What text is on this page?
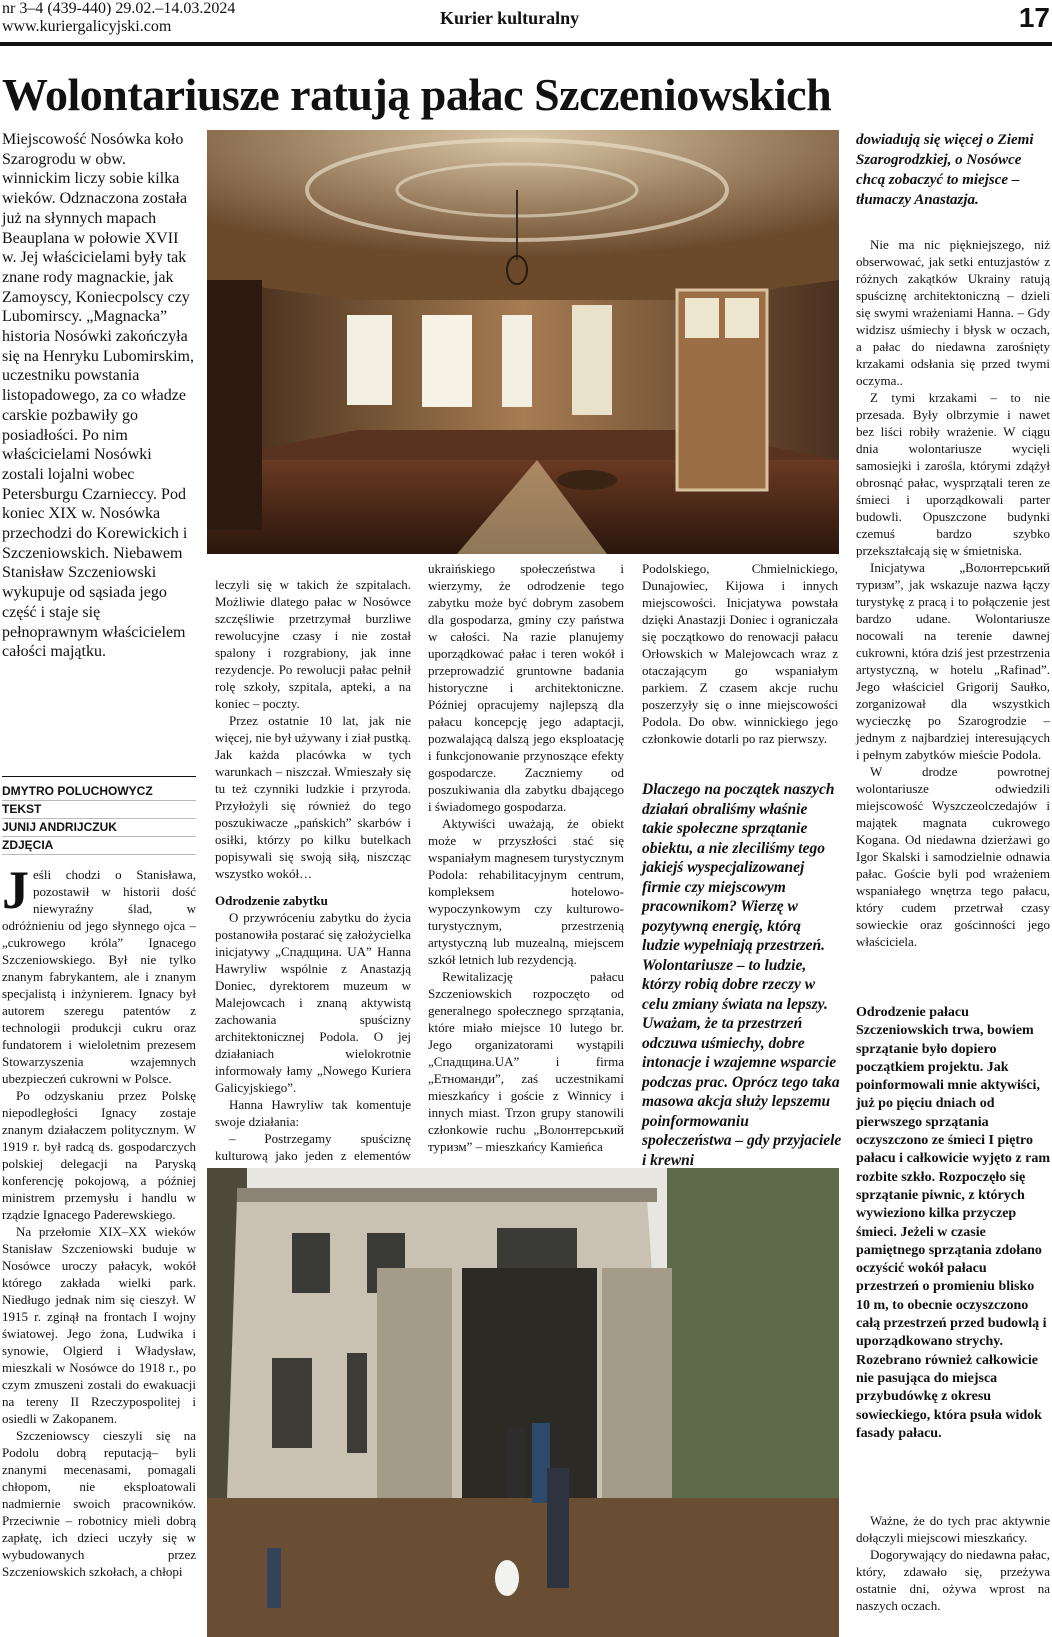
nr 3–4 (439-440) 29.02.–14.03.2024
www.kuriergalicyjski.com	Kurier kulturalny	17
Wolontariusze ratują pałac Szczeniowskich
Miejscowość Nosówka koło Szarogrodu w obw. winnickim liczy sobie kilka wieków. Odznaczona została już na słynnych mapach Beauplana w połowie XVII w. Jej właścicielami były tak znane rody magnackie, jak Zamoyscy, Koniecpolscy czy Lubomirscy. „Magnacka” historia Nosówki zakończyła się na Henryku Lubomirskim, uczestniku powstania listopadowego, za co władze carskie pozbawiły go posiadłości. Po nim właścicielami Nosówki zostali lojalni wobec Petersburgu Czarnieccy. Pod koniec XIX w. Nosówka przechodzi do Korewickich i Szczeniowskich. Niebawem Stanisław Szczeniowski wykupuje od sąsiada jego część i staje się pełnoprawnym właścicielem całości majątku.
DMYTRO POLUCHOWYCZ
TEKST
JUNIJ ANDRIJCZUK
ZDJĘCIA

Jeśli chodzi o Stanisława, pozostawił w historii dość niewyraźny ślad, w odróżnieniu od jego słynnego ojca – „cukrowego króla” Ignacego Szczeniowskiego. Był nie tylko znanym fabrykantem, ale i znanym specjalistą i inżynierem. Ignacy był autorem szeregu patentów z technologii produkcji cukru oraz fundatorem i wieloletnim prezesem Stowarzyszenia wzajemnych ubezpieczeń cukrowni w Polsce.

Po odzyskaniu przez Polskę niepodległości Ignacy zostaje znanym działaczem politycznym. W 1919 r. był radcą ds. gospodarczych polskiej delegacji na Paryską konferencję pokojową, a później ministrem przemysłu i handlu w rządzie Ignacego Paderewskiego.

Na przełomie XIX–XX wieków Stanisław Szczeniowski buduje w Nosówce uroczy pałacyk, wokół którego zakłada wielki park. Niedługo jednak nim się cieszył. W 1915 r. zginął na frontach I wojny światowej. Jego żona, Ludwika i synowie, Olgierd i Władysław, mieszkali w Nosówce do 1918 r., po czym zmuszeni zostali do ewakuacji na tereny II Rzeczypospolitej i osiedli w Zakopanem.

Szczeniowscy cieszyli się na Podolu dobrą reputacją– byli znanymi mecenasami, pomagali chłopom, nie eksploatowali nadmiernie swoich pracowników. Przeciwnie – robotnicy mieli dobrą zapłatę, ich dzieci uczyły się w wybudowanych przez Szczeniowskich szkołach, a chłopi

leczyli się w takich że szpitalach. Możliwie dlatego pałac w Nosówce szczęśliwie przetrzymał burzliwe rewolucyjne czasy i nie został spalony i rozgrabiony, jak inne rezydencje. Po rewolucji pałac pełnił rolę szkoły, szpitala, apteki, a na koniec – poczty.

Przez ostatnie 10 lat, jak nie więcej, nie był używany i ział pustką. Jak każda placówka w tych warunkach – niszczał. Wmieszały się tu też czynniki ludzkie i przyroda. Przyłożyli się również do tego poszukiwacze „pańskich” skarbów i osiłki, którzy po kilku butelkach popisywali się swoją siłą, niszcząc wszystko wokół…

Odrodzenie zabytku

O przywróceniu zabytku do życia postanowiła postarać się założycielka inicjatywy „Спадщина. UA” Hanna Hawryliw wspólnie z Anastazją Doniec, dyrektorem muzeum w Malejowcach i znaną aktywistą zachowania spuścizny architektonicznej Podola. O jej działaniach wielokrotnie informowały łamy „Nowego Kuriera Galicyjskiego”.

Hanna Hawryliw tak komentuje swoje działania:

– Postrzegamy spuściznę kulturową jako jeden z elementów

ukraińskiego społeczeństwa i wierzymy, że odrodzenie tego zabytku może być dobrym zasobem dla gospodarza, gminy czy państwa w całości. Na razie planujemy uporządkować pałac i teren wokół i przeprowadzić gruntowne badania historyczne i architektoniczne. Później opracujemy najlepszą dla pałacu koncepcję jego adaptacji, pozwalającą dalszą jego eksploatację i funkcjonowanie przynoszące efekty gospodarcze. Zaczniemy od poszukiwania dla zabytku dbającego i świadomego gospodarza.

Aktywiści uważają, że obiekt może w przyszłości stać się wspaniałym magnesem turystycznym Podola: rehabilitacyjnym centrum, kompleksem hotelowo-wypoczynkowym czy kulturowo-turystycznym, przestrzenią artystyczną lub muzealną, miejscem szkół letnich lub rezydencją.

Rewitalizację pałacu Szczeniowskich rozpoczęto od generalnego społecznego sprzątania, które miało miejsce 10 lutego br. Jego organizatorami wystąpili „Спадщина.UA” i firma „Етноманди”, zaś uczestnikami mieszkańcy i goście z Winnicy i innych miast. Trzon grupy stanowili członkowie ruchu „Волонтерський туризм” – mieszkańcy Kamieńca

Podolskiego, Chmielnickiego, Dunajowiec, Kijowa i innych miejscowości. Inicjatywa powstała dzięki Anastazji Doniec i ograniczała się początkowo do renowacji pałacu Orłowskich w Malejowcach wraz z otaczającym go wspaniałym parkiem. Z czasem akcje ruchu poszerzyły się o inne miejscowości Podola. Do obw. winnickiego jego członkowie dotarli po raz pierwszy.

Dlaczego na początek naszych działań obraliśmy właśnie takie społeczne sprzątanie obiektu, a nie zleciliśmy tego jakiejś wyspecjalizowanej firmie czy miejscowym pracownikom? Wierzę w pozytywną energię, którą ludzie wypełniają przestrzeń. Wolontariusze – to ludzie, którzy robią dobre rzeczy w celu zmiany świata na lepszy. Uważam, że ta przestrzeń odczuwa uśmiechy, dobre intonacje i wzajemne wsparcie podczas prac. Oprócz tego taka masowa akcja służy lepszemu poinformowaniu społeczeństwa – gdy przyjaciele i krewni
dowiadują się więcej o Ziemi Szarogrodzkiej, o Nosówce chcą zobaczyć to miejsce – tłumaczy Anastazja.

Nie ma nic piękniejszego, niż obserwować, jak setki entuzjastów z różnych zakątków Ukrainy ratują spuściznę architektoniczną – dzieli się swymi wrażeniami Hanna. – Gdy widzisz uśmiechy i błysk w oczach, a pałac do niedawna zarośnięty krzakami odsłania się przed twymi oczyma..

Z tymi krzakami – to nie przesada. Były olbrzymie i nawet bez liści robiły wrażenie. W ciągu dnia wolontariusze wycięli samosiejki i zarośla, którymi zdążył obrosnąć pałac, wysprzątali teren ze śmieci i uporządkowali parter budowli. Opuszczone budynki czemuś bardzo szybko przekształcają się w śmietniska.

Inicjatywa „Волонтерський туризм”, jak wskazuje nazwa łączy turystykę z pracą i to połączenie jest bardzo udane. Wolontariusze nocowali na terenie dawnej cukrowni, która dziś jest przestrzenia artystyczną, w hotelu „Rafinad”. Jego właściciel Grigorij Saułko, zorganizował dla wszystkich wycieczkę po Szarogrodzie – jednym z najbardziej interesujących i pełnym zabytków mieście Podola.

W drodze powrotnej wolontariusze odwiedzili miejscowość Wyszczeolczedajów i majątek magnata cukrowego Kogana. Od niedawna dzierżawi go Igor Skalski i samodzielnie odnawia pałac. Goście byli pod wrażeniem wspaniałego wnętrza tego pałacu, który cudem przetrwał czasy sowieckie oraz gościnności jego właściciela.

Odrodzenie pałacu Szczeniowskich trwa, bowiem sprzątanie było dopiero początkiem projektu. Jak poinformowali mnie aktywiści, już po pięciu dniach od pierwszego sprzątania oczyszczono ze śmieci I piętro pałacu i całkowicie wyjęto z ram rozbite szkło. Rozpoczęło się sprzątanie piwnic, z których wywieziono kilka przyczep śmieci. Jeżeli w czasie pamiętnego sprzątania zdołano oczyścić wokół pałacu przestrzeń o promieniu blisko 10 m, to obecnie oczyszczono całą przestrzeń przed budowlą i uporządkowano strychy. Rozebrano również całkowicie nie pasująca do miejsca przybudówkę z okresu sowieckiego, która psuła widok fasady pałacu.

Ważne, że do tych prac aktywnie dołączyli miejscowi mieszkańcy.

Dogorywający do niedawna pałac, który, zdawało się, przeżywa ostatnie dni, ożywa wprost na naszych oczach.
